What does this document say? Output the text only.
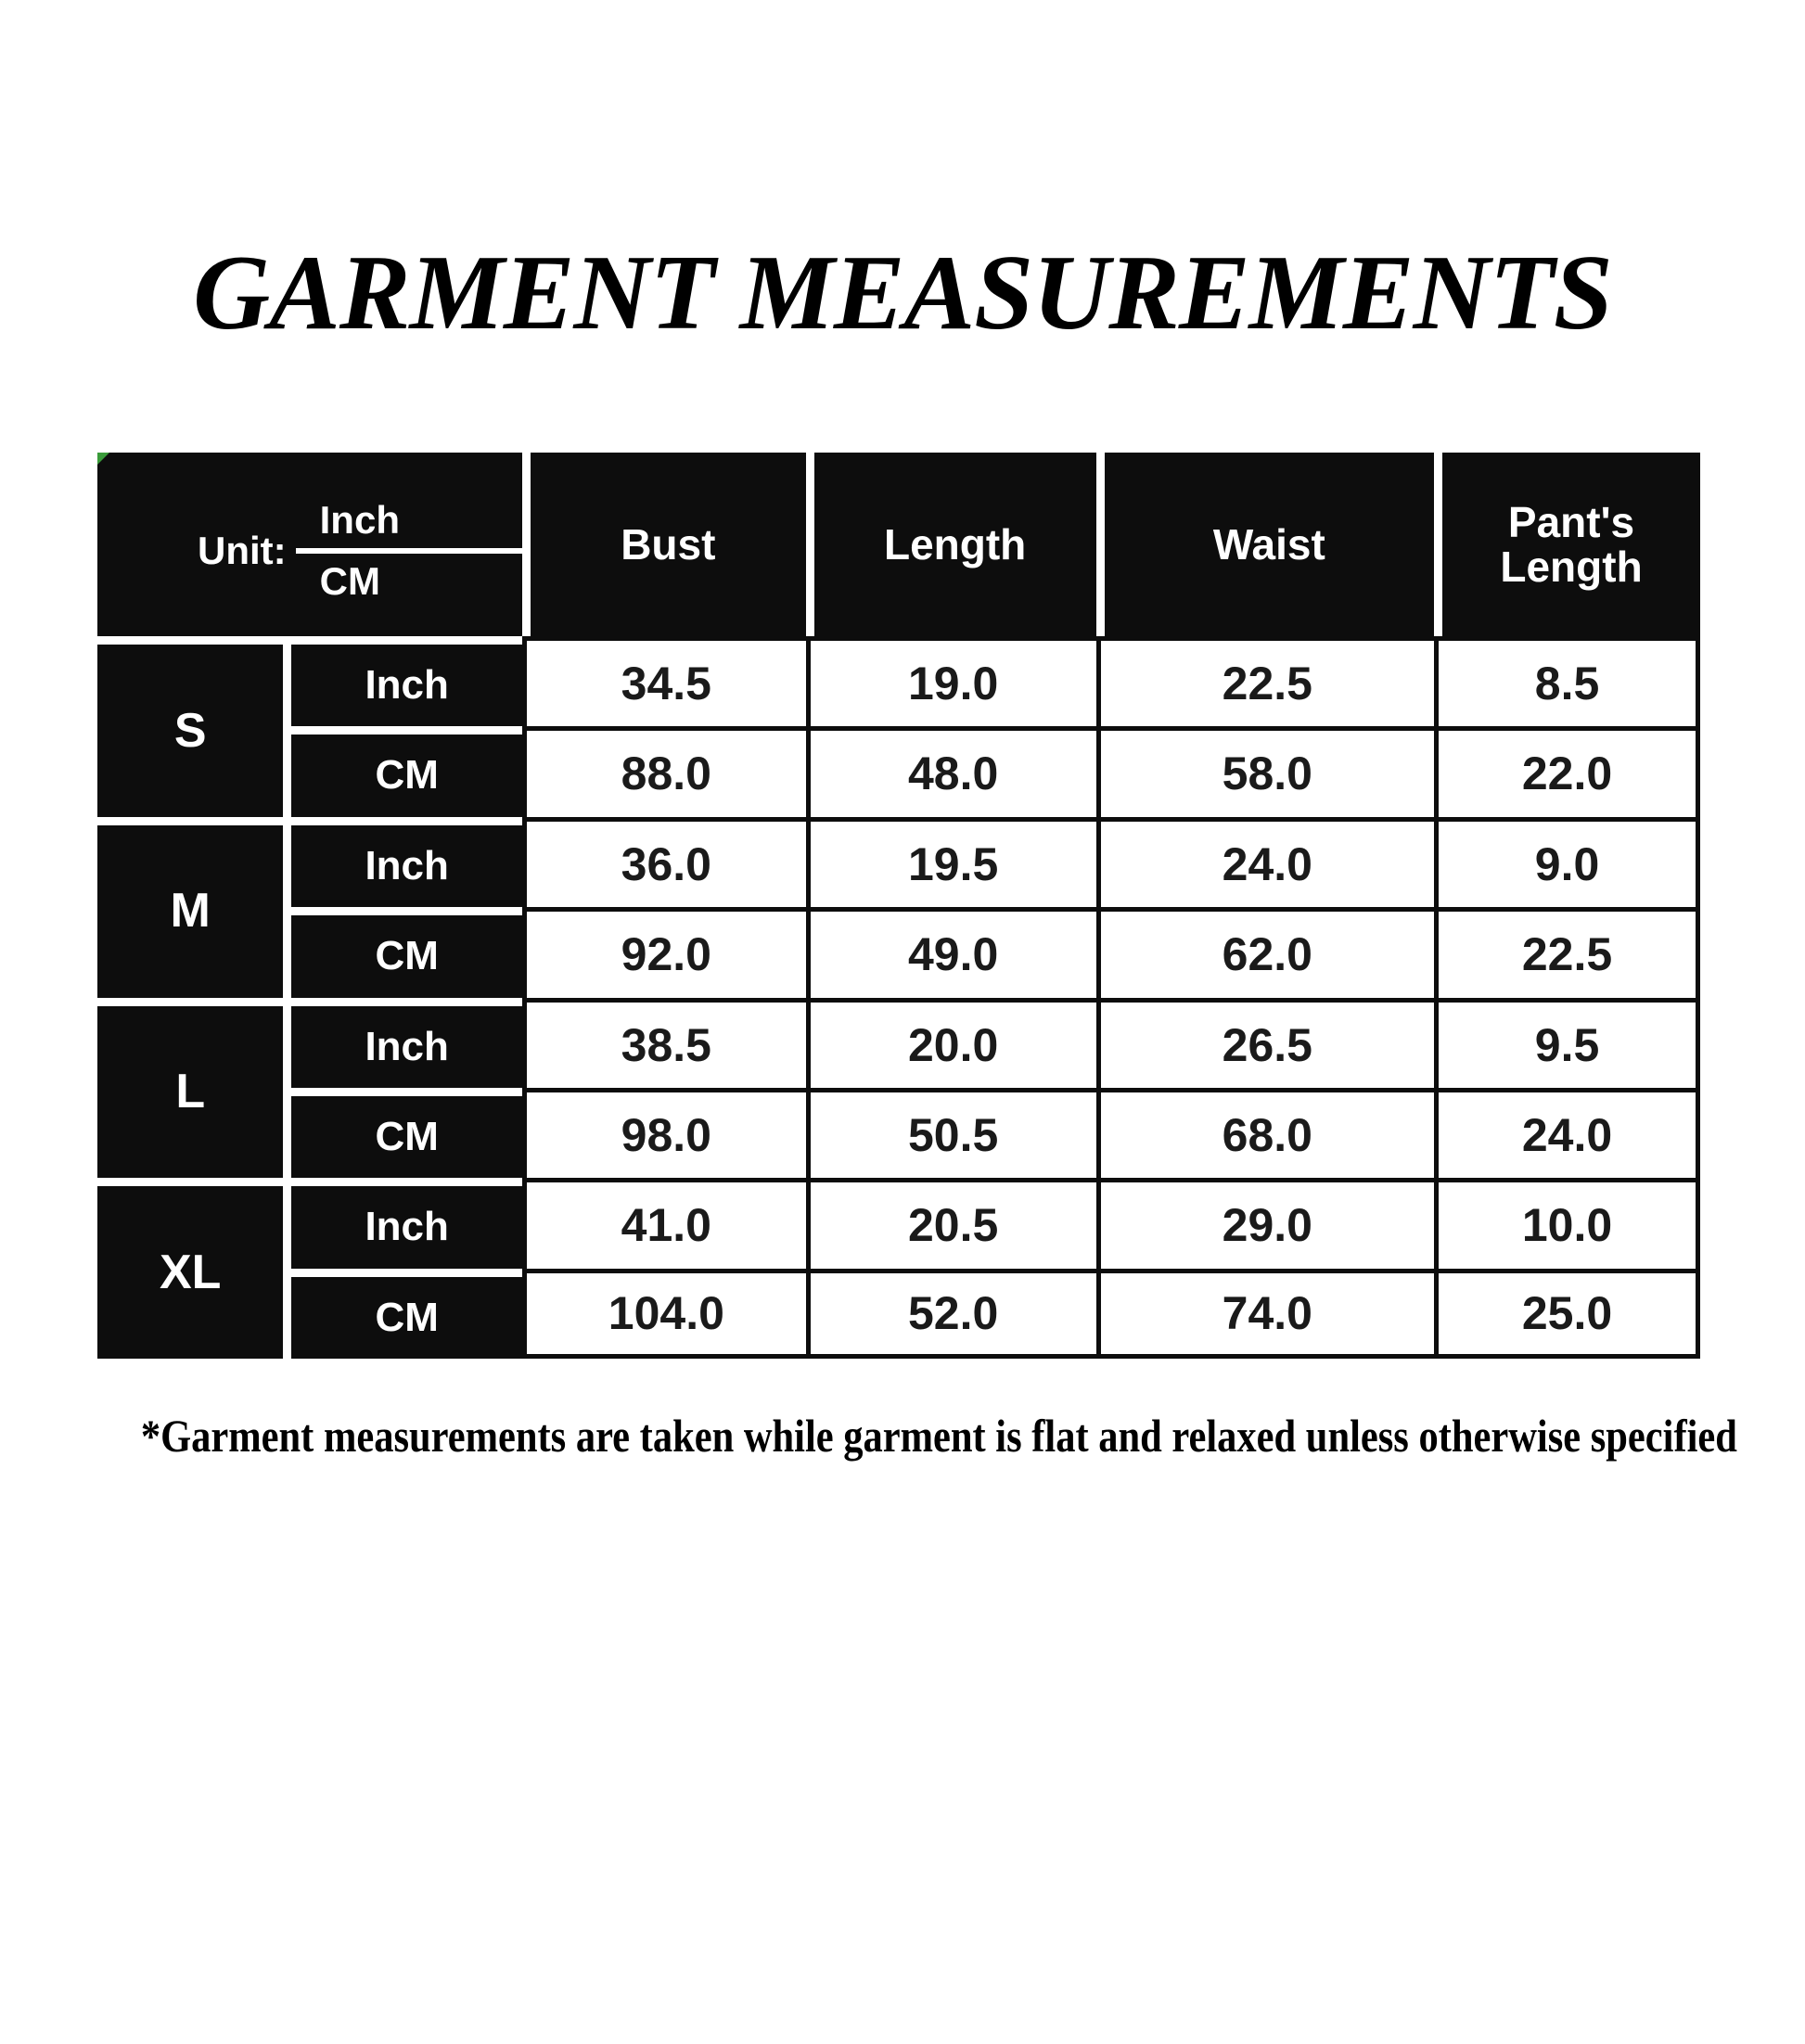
GARMENT MEASUREMENTS
Unit: $\frac{\text{Inch}}{CM}$	Bust	Length	Waist	Pant's Length
S
Inch	34.5	19.0	22.5	8.5
CM	88.0	48.0	58.0	22.0
M
Inch	36.0	19.5	24.0	9.0
CM	92.0	49.0	62.0	22.5
L
Inch	38.5	20.0	26.5	9.5
CM	98.0	50.5	68.0	24.0
XL
Inch	41.0	20.5	29.0	10.0
CM	104.0	52.0	74.0	25.0
*Garment measurements are taken while garment is flat and relaxed unless otherwise specified
